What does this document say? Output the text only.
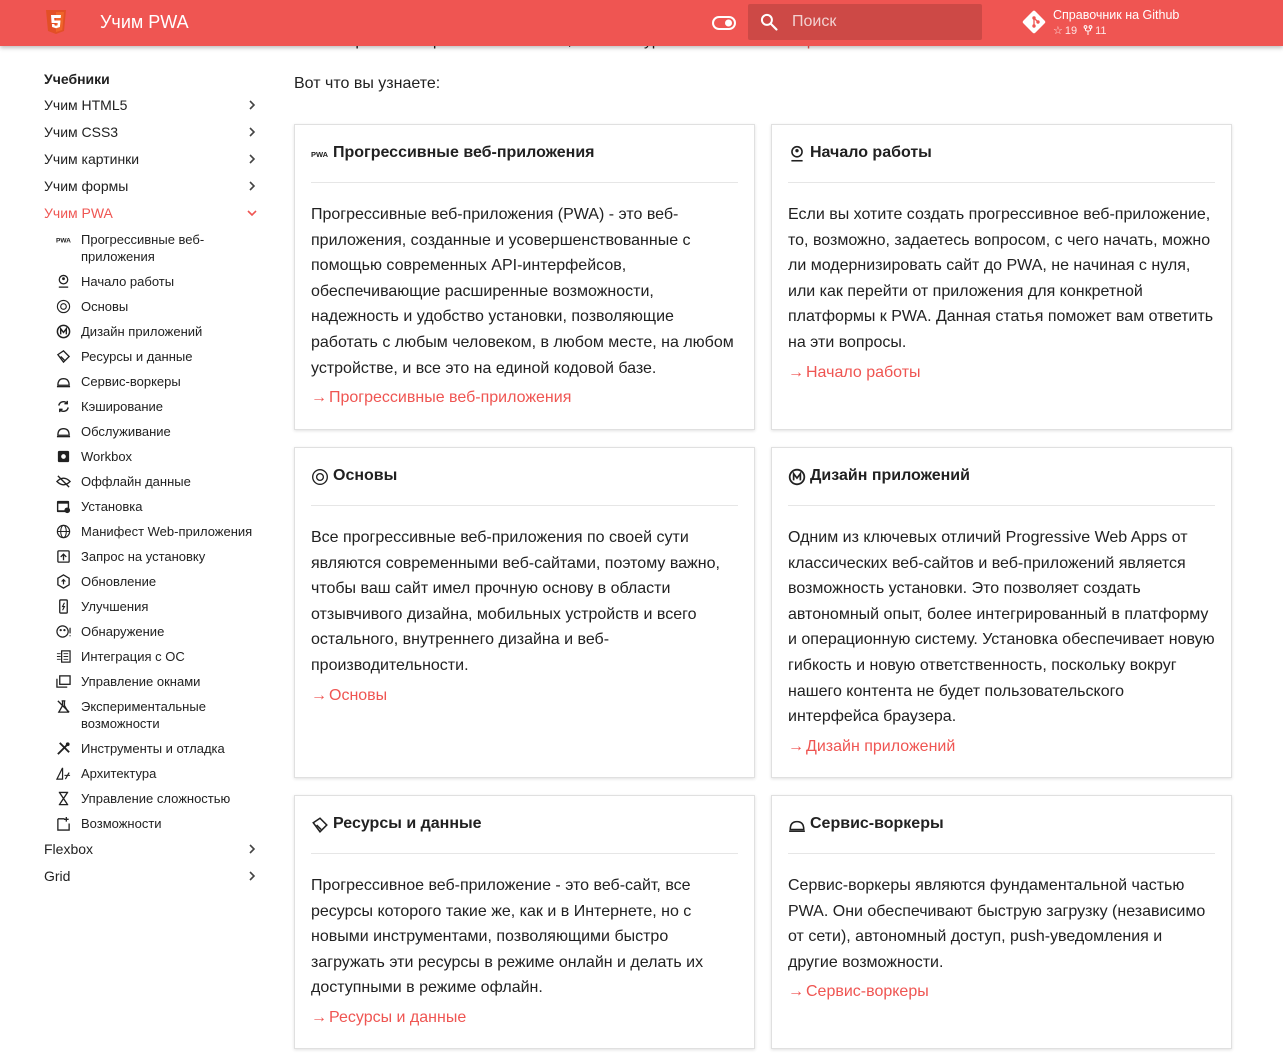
Учим PWA
Поиск	Справочник на Github
☆ 19 11
Вот что вы узнаете:
Учебники
Учим HTML5
Учим CSS3
Учим картинки
Учим формы
Учим PWA
PWA Прогрессивные веб-приложения
Начало работы
Основы
Дизайн приложений
Ресурсы и данные
Сервис-воркеры
Кэширование
Обслуживание
Workbox
Оффлайн данные
Установка
Манифест Web-приложения
Запрос на установку
Обновление
Улучшения
Обнаружение
Интеграция с ОС
Управление окнами
Экспериментальные возможности
Инструменты и отладка
Архитектура
Управление сложностью
Возможности
Flexbox
Grid
PWA Прогрессивные веб-приложения
Прогрессивные веб-приложения (PWA) - это веб-приложения, созданные и усовершенствованные с помощью современных API-интерфейсов, обеспечивающие расширенные возможности, надежность и удобство установки, позволяющие работать с любым человеком, в любом месте, на любом устройстве, и все это на единой кодовой базе.
→ Прогрессивные веб-приложения
Начало работы
Если вы хотите создать прогрессивное веб-приложение, то, возможно, задаетесь вопросом, с чего начать, можно ли модернизировать сайт до PWA, не начиная с нуля, или как перейти от приложения для конкретной платформы к PWA. Данная статья поможет вам ответить на эти вопросы.
→ Начало работы
Основы
Все прогрессивные веб-приложения по своей сути являются современными веб-сайтами, поэтому важно, чтобы ваш сайт имел прочную основу в области отзывчивого дизайна, мобильных устройств и всего остального, внутреннего дизайна и веб-производительности.
→ Основы
Дизайн приложений
Одним из ключевых отличий Progressive Web Apps от классических веб-сайтов и веб-приложений является возможность установки. Это позволяет создать автономный опыт, более интегрированный в платформу и операционную систему. Установка обеспечивает новую гибкость и новую ответственность, поскольку вокруг нашего контента не будет пользовательского интерфейса браузера.
→ Дизайн приложений
Ресурсы и данные
Прогрессивное веб-приложение - это веб-сайт, все ресурсы которого такие же, как и в Интернете, но с новыми инструментами, позволяющими быстро загружать эти ресурсы в режиме онлайн и делать их доступными в режиме офлайн.
→ Ресурсы и данные
Сервис-воркеры
Сервис-воркеры являются фундаментальной частью PWA. Они обеспечивают быструю загрузку (независимо от сети), автономный доступ, push-уведомления и другие возможности.
→ Сервис-воркеры
